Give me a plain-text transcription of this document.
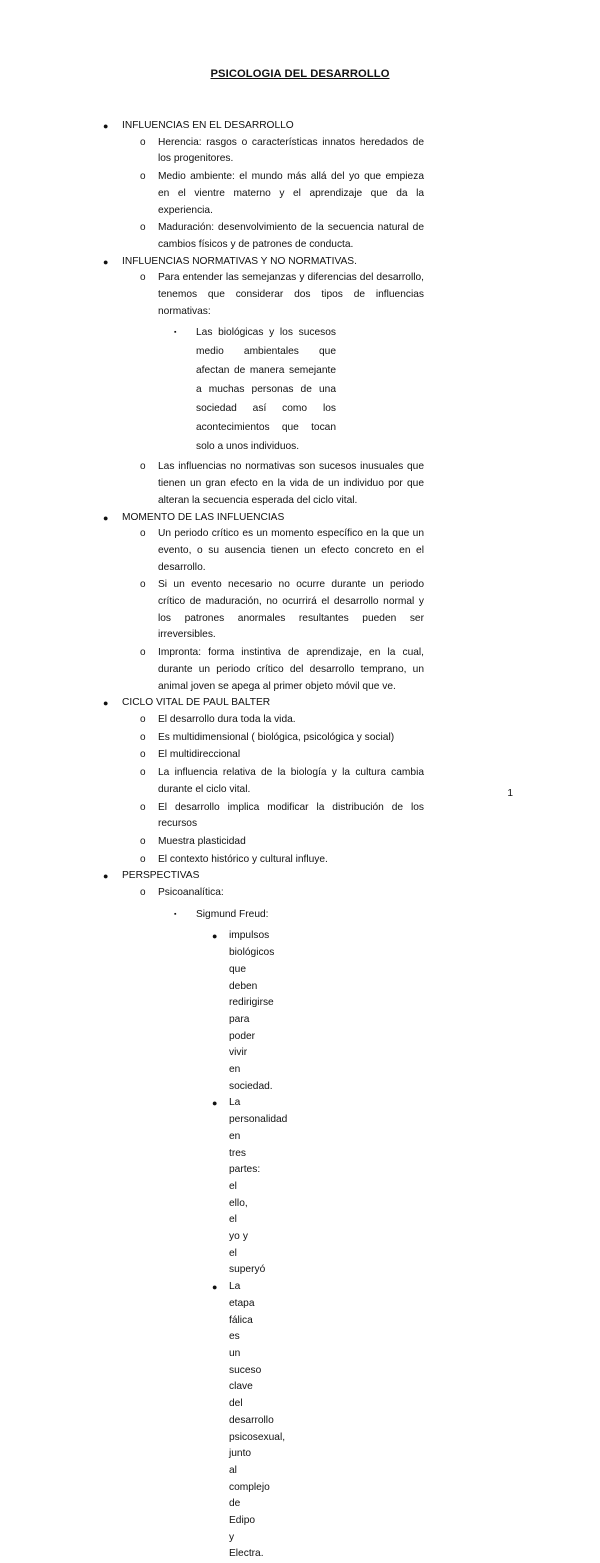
PSICOLOGIA DEL DESARROLLO
● INFLUENCIAS EN EL DESARROLLO
o Herencia: rasgos o características innatos heredados de los progenitores.
o Medio ambiente: el mundo más allá del yo que empieza en el vientre materno y el aprendizaje que da la experiencia.
o Maduración: desenvolvimiento de la secuencia natural de cambios físicos y de patrones de conducta.
● INFLUENCIAS NORMATIVAS Y NO NORMATIVAS.
o Para entender las semejanzas y diferencias del desarrollo, tenemos que considerar dos tipos de influencias normativas:
▪ Las biológicas y los sucesos medio ambientales que afectan de manera semejante a muchas personas de una sociedad así como los acontecimientos que tocan solo a unos individuos.
o Las influencias no normativas son sucesos inusuales que tienen un gran efecto en la vida de un individuo por que alteran la secuencia esperada del ciclo vital.
● MOMENTO DE LAS INFLUENCIAS
o Un periodo crítico es un momento específico en la que un evento, o su ausencia tienen un efecto concreto en el desarrollo.
o Si un evento necesario no ocurre durante un periodo crítico de maduración, no ocurrirá el desarrollo normal y los patrones anormales resultantes pueden ser irreversibles.
o Impronta: forma instintiva de aprendizaje, en la cual, durante un periodo crítico del desarrollo temprano, un animal joven se apega al primer objeto móvil que ve.
● CICLO VITAL DE PAUL BALTER
o El desarrollo dura toda la vida.
o Es multidimensional ( biológica, psicológica y social)
o El multidireccional
o La influencia relativa de la biología y la cultura cambia durante el ciclo vital.
o El desarrollo implica modificar la distribución de los recursos
o Muestra plasticidad
o El contexto histórico y cultural influye.
● PERSPECTIVAS
o Psicoanalítica:
▪ Sigmund Freud:
● impulsos biológicos que deben redirigirse para poder vivir en sociedad.
● La personalidad en tres partes: el ello, el yo y el superyó
● La etapa fálica es un suceso clave del desarrollo psicosexual, junto al complejo de Edipo y Electra.
1
